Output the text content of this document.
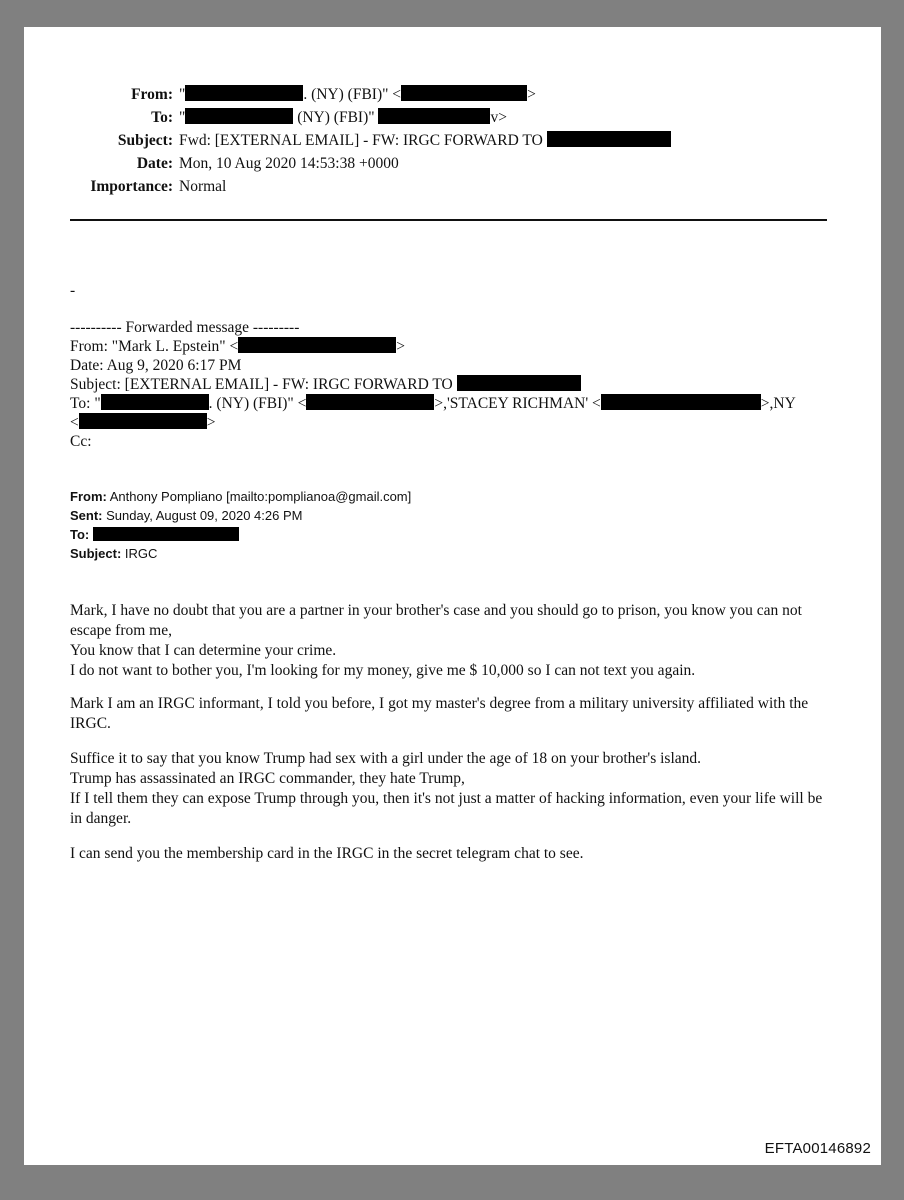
From: "	. (NY) (FBI)" <	>
To: "	(NY) (FBI)"	v>
Subject: Fwd: [EXTERNAL EMAIL] - FW: IRGC FORWARD TO
Date: Mon, 10 Aug 2020 14:53:38 +0000
Importance: Normal
-
---------- Forwarded message ---------
From: "Mark L. Epstein" <	>
Date: Aug 9, 2020 6:17 PM
Subject: [EXTERNAL EMAIL] - FW: IRGC FORWARD TO
To: "	. (NY) (FBI)" <	>,'STACEY RICHMAN' <	>,NY
<	>
Cc:
From: Anthony Pompliano [mailto:pomplianoa@gmail.com]
Sent: Sunday, August 09, 2020 4:26 PM
To:
Subject: IRGC

Mark, I have no doubt that you are a partner in your brother's case and you should go to prison, you know you can not escape from me,

You know that I can determine your crime.

I do not want to bother you, I'm looking for my money, give me $ 10,000 so I can not text you again.

Mark I am an IRGC informant, I told you before, I got my master's degree from a military university affiliated with the IRGC.

Suffice it to say that you know Trump had sex with a girl under the age of 18 on your brother's island.

Trump has assassinated an IRGC commander, they hate Trump,

If I tell them they can expose Trump through you, then it's not just a matter of hacking information, even your life will be in danger.

I can send you the membership card in the IRGC in the secret telegram chat to see.

EFTA00146892
